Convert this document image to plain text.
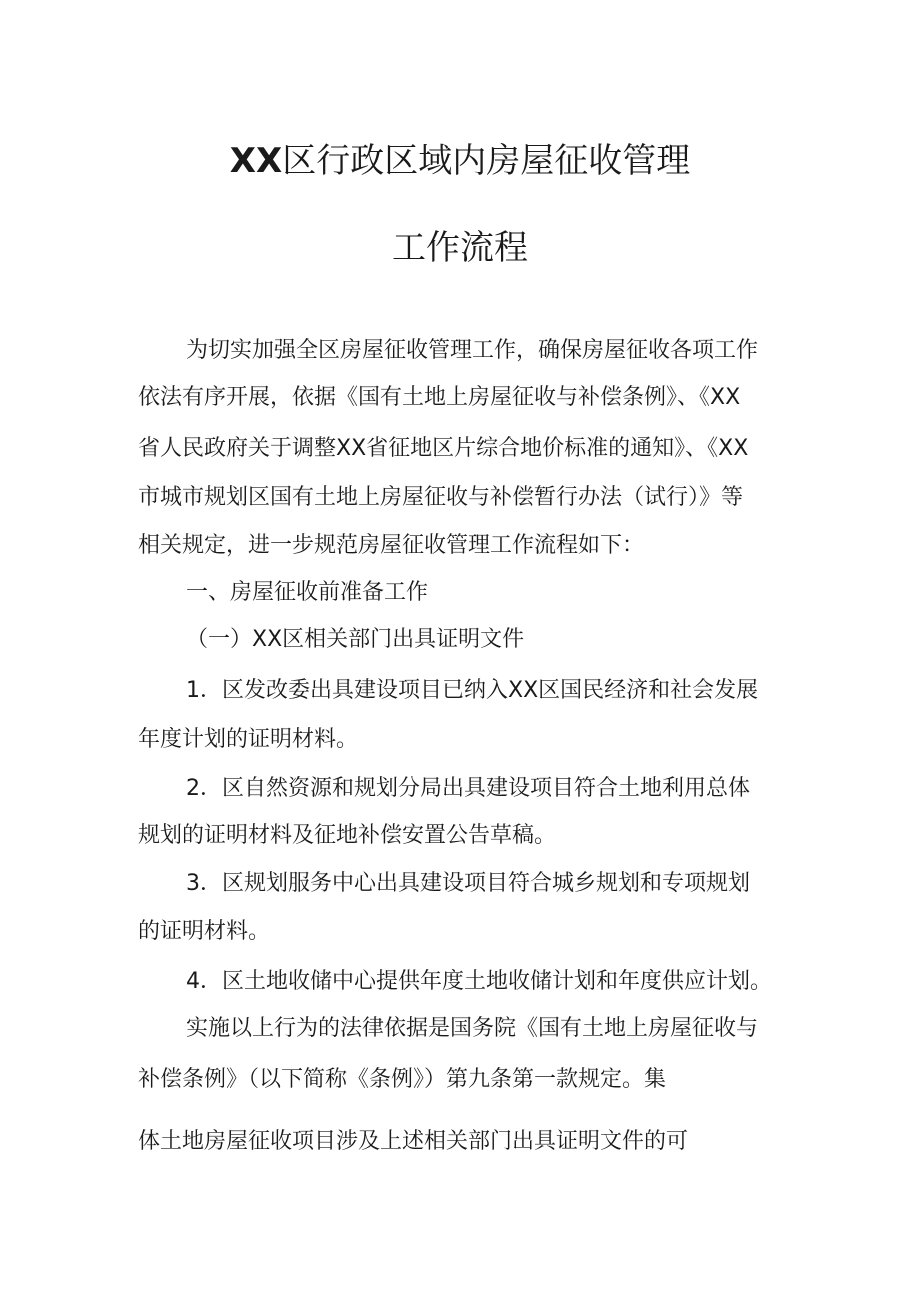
XX区行政区域内房屋征收管理
工作流程

为切实加强全区房屋征收管理工作，确保房屋征收各项工作

依法有序开展，依据《国有土地上房屋征收与补偿条例》、《XX

省人民政府关于调整XX省征地区片综合地价标准的通知》、《XX

市城市规划区国有土地上房屋征收与补偿暂行办法（试行）》等

相关规定，进一步规范房屋征收管理工作流程如下：

一、房屋征收前准备工作

（一）XX区相关部门出具证明文件

1．区发改委出具建设项目已纳入XX区国民经济和社会发展

年度计划的证明材料。

2．区自然资源和规划分局出具建设项目符合土地利用总体

规划的证明材料及征地补偿安置公告草稿。

3．区规划服务中心出具建设项目符合城乡规划和专项规划

的证明材料。

4．区土地收储中心提供年度土地收储计划和年度供应计划。

实施以上行为的法律依据是国务院《国有土地上房屋征收与

补偿条例》（以下简称《条例》）第九条第一款规定。集

体土地房屋征收项目涉及上述相关部门出具证明文件的可
